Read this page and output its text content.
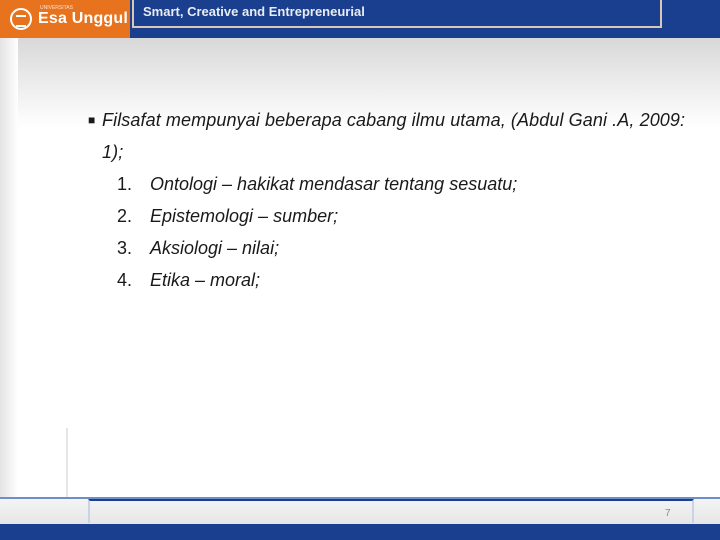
UNIVERSITAS
Esa Unggul Smart, Creative and Entrepreneurial
■ Filsafat mempunyai beberapa cabang ilmu utama, (Abdul Gani .A, 2009: 1);
1.	Ontologi – hakikat mendasar tentang sesuatu;
2.	Epistemologi – sumber;
3.	Aksiologi – nilai;
4.	Etika – moral;
7
